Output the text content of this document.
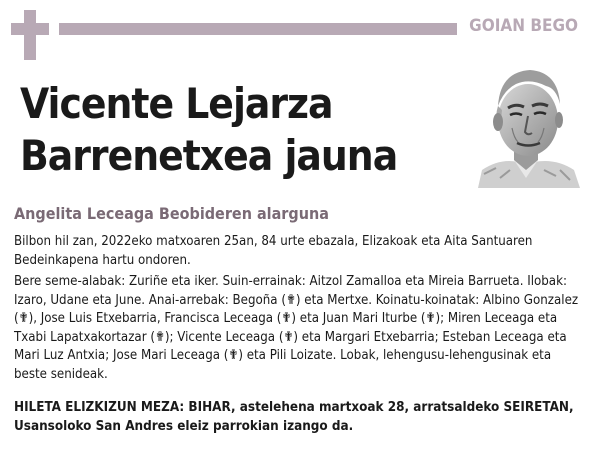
GOIAN BEGO
Vicente Lejarza Barrenetxea jauna
Angelita Leceaga Beobideren alarguna
Bilbon hil zan, 2022eko matxoaren 25an, 84 urte ebazala, Elizakoak eta Aita Santuaren Bedeinkapena hartu ondoren.
Bere seme-alabak: Zuriñe eta iker. Suin-errainak: Aitzol Zamalloa eta Mireia Barrueta. Ilobak: Izaro, Udane eta June. Anai-arrebak: Begoña (✟) eta Mertxe. Koinatu-koinatak: Albino Gonzalez (✟), Jose Luis Etxebarria, Francisca Leceaga (✟) eta Juan Mari Iturbe (✟); Miren Leceaga eta Txabi Lapatxakortazar (✟); Vicente Leceaga (✟) eta Margari Etxebarria; Esteban Leceaga eta Mari Luz Antxia; Jose Mari Leceaga (✟) eta Pili Loizate. Lobak, lehengusu-lehengusinak eta beste senideak.
HILETA ELIZKIZUN MEZA: BIHAR, astelehena martxoak 28, arratsaldeko SEIRETAN, Usansoloko San Andres eleiz parrokian izango da.
